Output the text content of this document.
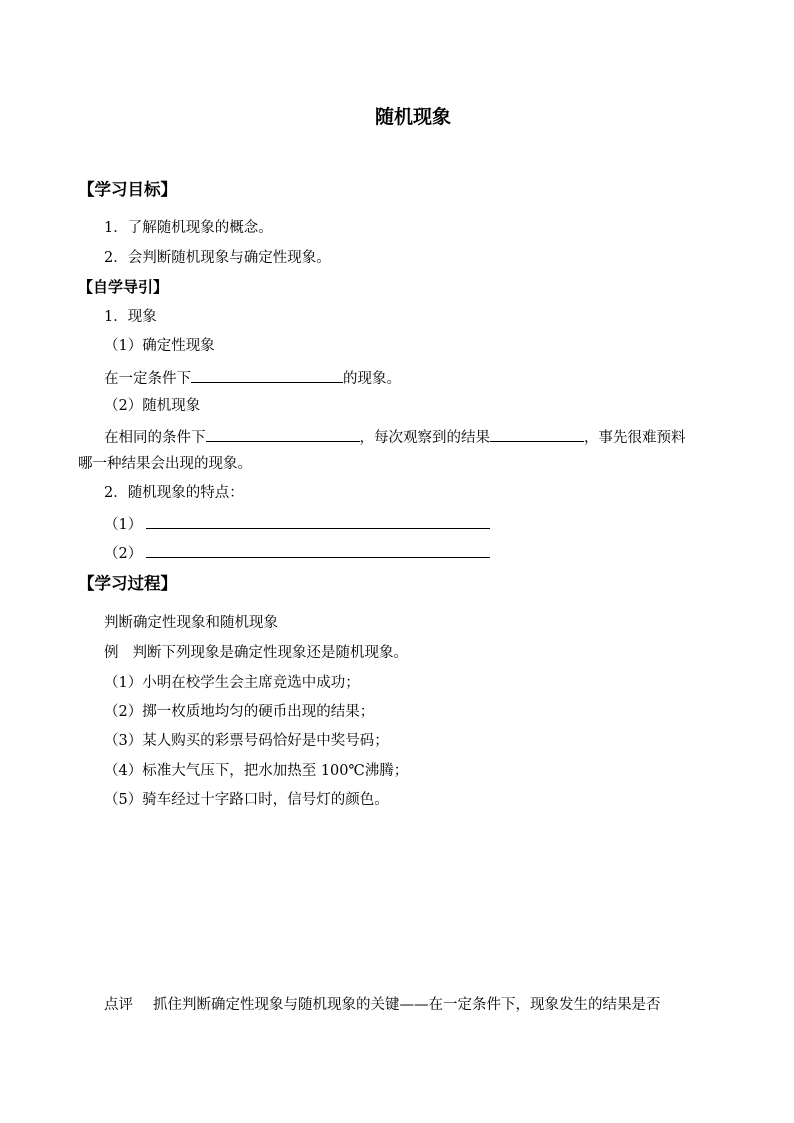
随机现象
【学习目标】
1．了解随机现象的概念。
2．会判断随机现象与确定性现象。
【自学导引】
1．现象
（1）确定性现象
在一定条件下	的现象。
（2）随机现象
在相同的条件下	，每次观察到的结果	，事先很难预料
哪一种结果会出现的现象。
2．随机现象的特点：
（1）
（2）
【学习过程】
判断确定性现象和随机现象
例 判断下列现象是确定性现象还是随机现象。
（1）小明在校学生会主席竞选中成功；
（2）掷一枚质地均匀的硬币出现的结果；
（3）某人购买的彩票号码恰好是中奖号码；
（4）标准大气压下，把水加热至 100℃沸腾；
（5）骑车经过十字路口时，信号灯的颜色。
点评 抓住判断确定性现象与随机现象的关键——在一定条件下，现象发生的结果是否
